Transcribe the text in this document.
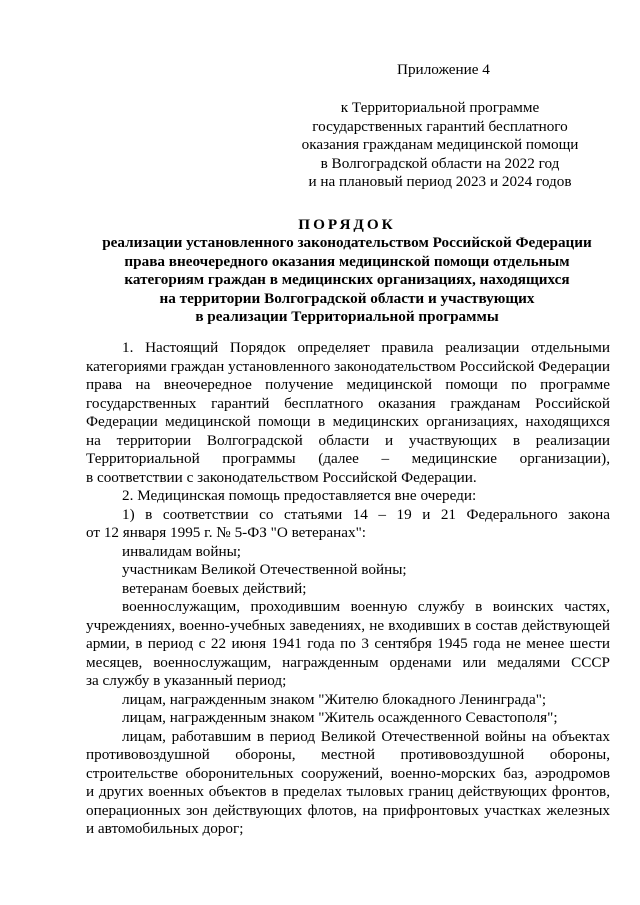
Приложение 4
к Территориальной программе
государственных гарантий бесплатного
оказания гражданам медицинской помощи
в Волгоградской области на 2022 год
и на плановый период 2023 и 2024 годов
ПОРЯДОК
реализации установленного законодательством Российской Федерации
права внеочередного оказания медицинской помощи отдельным
категориям граждан в медицинских организациях, находящихся
на территории Волгоградской области и участвующих
в реализации Территориальной программы
1. Настоящий Порядок определяет правила реализации отдельными
категориями граждан установленного законодательством Российской Федерации
права на внеочередное получение медицинской помощи по программе
государственных гарантий бесплатного оказания гражданам Российской
Федерации медицинской помощи в медицинских организациях, находящихся
на территории Волгоградской области и участвующих в реализации
Территориальной программы (далее – медицинские организации),
в соответствии с законодательством Российской Федерации.
2. Медицинская помощь предоставляется вне очереди:
1) в соответствии со статьями 14 – 19 и 21 Федерального закона
от 12 января 1995 г. № 5-ФЗ "О ветеранах":
инвалидам войны;
участникам Великой Отечественной войны;
ветеранам боевых действий;
военнослужащим, проходившим военную службу в воинских частях,
учреждениях, военно-учебных заведениях, не входивших в состав действующей
армии, в период с 22 июня 1941 года по 3 сентября 1945 года не менее шести
месяцев, военнослужащим, награжденным орденами или медалями СССР
за службу в указанный период;
лицам, награжденным знаком "Жителю блокадного Ленинграда";
лицам, награжденным знаком "Житель осажденного Севастополя";
лицам, работавшим в период Великой Отечественной войны на объектах
противовоздушной обороны, местной противовоздушной обороны,
строительстве оборонительных сооружений, военно-морских баз, аэродромов
и других военных объектов в пределах тыловых границ действующих фронтов,
операционных зон действующих флотов, на прифронтовых участках железных
и автомобильных дорог;
